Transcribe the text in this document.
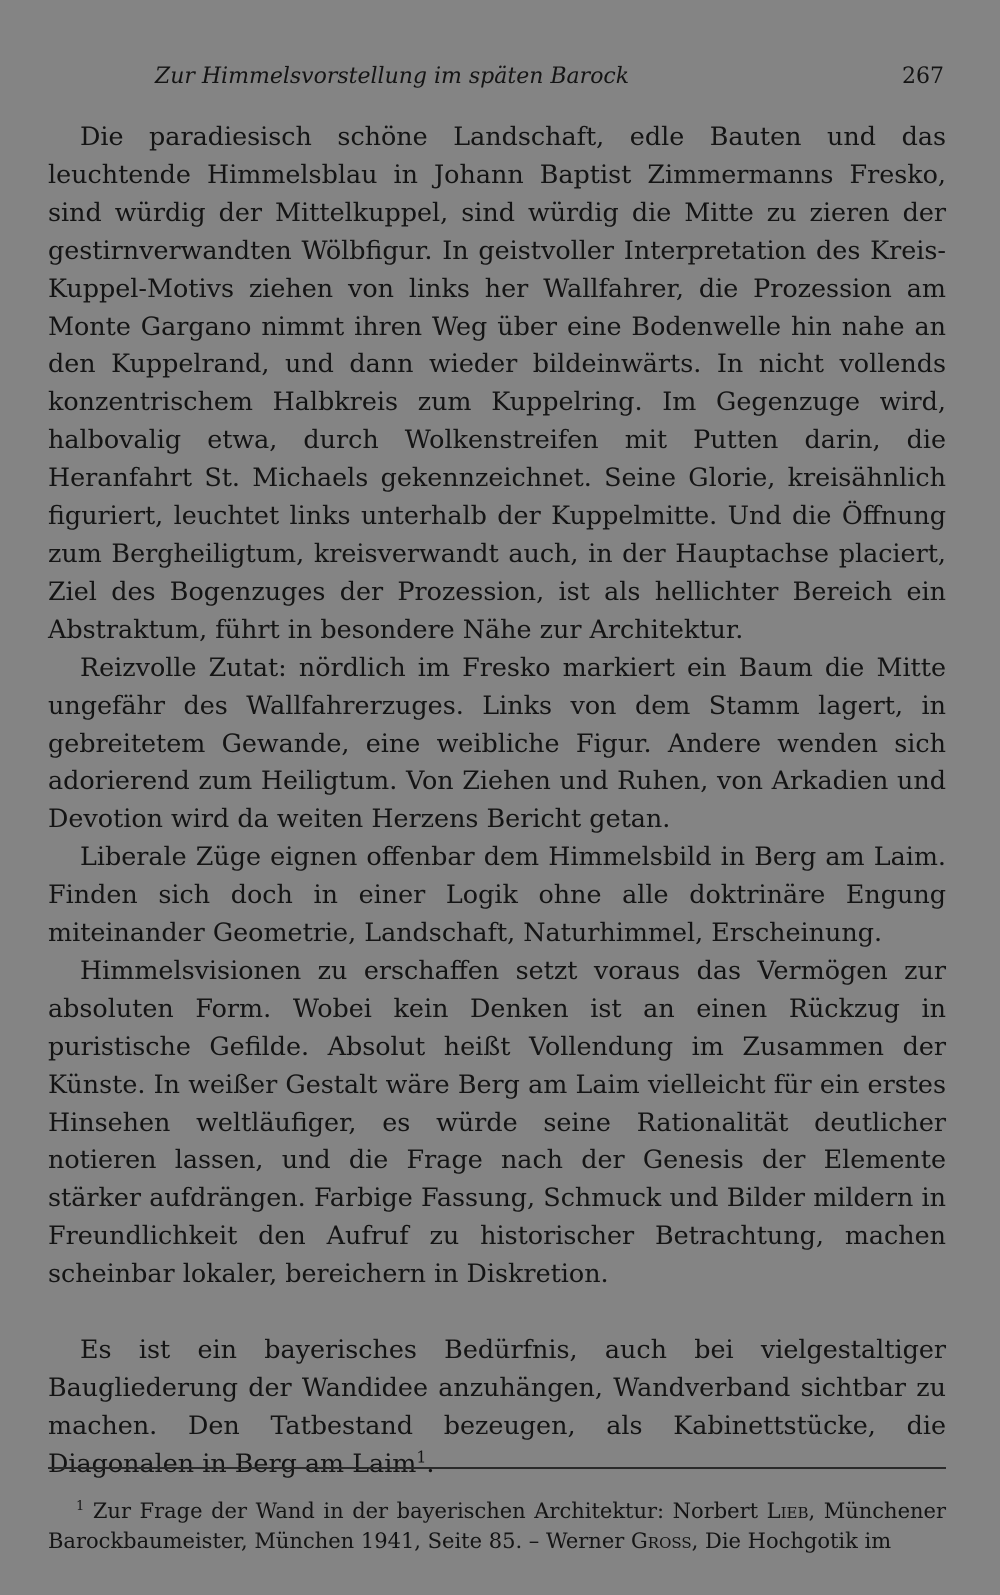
Zur Himmelsvorstellung im späten Barock	267

Die paradiesisch schöne Landschaft, edle Bauten und das leuchtende Himmelsblau in Johann Baptist Zimmermanns Fresko, sind würdig der Mittelkuppel, sind würdig die Mitte zu zieren der gestirnverwandten Wölbfigur. In geistvoller Interpretation des Kreis-Kuppel-Motivs ziehen von links her Wallfahrer, die Prozession am Monte Gargano nimmt ihren Weg über eine Bodenwelle hin nahe an den Kuppelrand, und dann wieder bildeinwärts. In nicht vollends konzentrischem Halbkreis zum Kuppelring. Im Gegenzuge wird, halbovalig etwa, durch Wolkenstreifen mit Putten darin, die Heranfahrt St. Michaels gekennzeichnet. Seine Glorie, kreisähnlich figuriert, leuchtet links unterhalb der Kuppelmitte. Und die Öffnung zum Bergheiligtum, kreisverwandt auch, in der Hauptachse placiert, Ziel des Bogenzuges der Prozession, ist als hellichter Bereich ein Abstraktum, führt in besondere Nähe zur Architektur.

Reizvolle Zutat: nördlich im Fresko markiert ein Baum die Mitte ungefähr des Wallfahrerzuges. Links von dem Stamm lagert, in gebreitetem Gewande, eine weibliche Figur. Andere wenden sich adorierend zum Heiligtum. Von Ziehen und Ruhen, von Arkadien und Devotion wird da weiten Herzens Bericht getan.

Liberale Züge eignen offenbar dem Himmelsbild in Berg am Laim. Finden sich doch in einer Logik ohne alle doktrinäre Engung miteinander Geometrie, Landschaft, Naturhimmel, Erscheinung.

Himmelsvisionen zu erschaffen setzt voraus das Vermögen zur absoluten Form. Wobei kein Denken ist an einen Rückzug in puristische Gefilde. Absolut heißt Vollendung im Zusammen der Künste. In weißer Gestalt wäre Berg am Laim vielleicht für ein erstes Hinsehen weltläufiger, es würde seine Rationalität deutlicher notieren lassen, und die Frage nach der Genesis der Elemente stärker aufdrängen. Farbige Fassung, Schmuck und Bilder mildern in Freundlichkeit den Aufruf zu historischer Betrachtung, machen scheinbar lokaler, bereichern in Diskretion.

Es ist ein bayerisches Bedürfnis, auch bei vielgestaltiger Baugliederung der Wandidee anzuhängen, Wandverband sichtbar zu machen. Den Tatbestand bezeugen, als Kabinettstücke, die Diagonalen in Berg am Laim$^1$.

$^1$ Zur Frage der Wand in der bayerischen Architektur: Norbert Lieb, Münchener Barockbaumeister, München 1941, Seite 85. – Werner Gross, Die Hochgotik im
